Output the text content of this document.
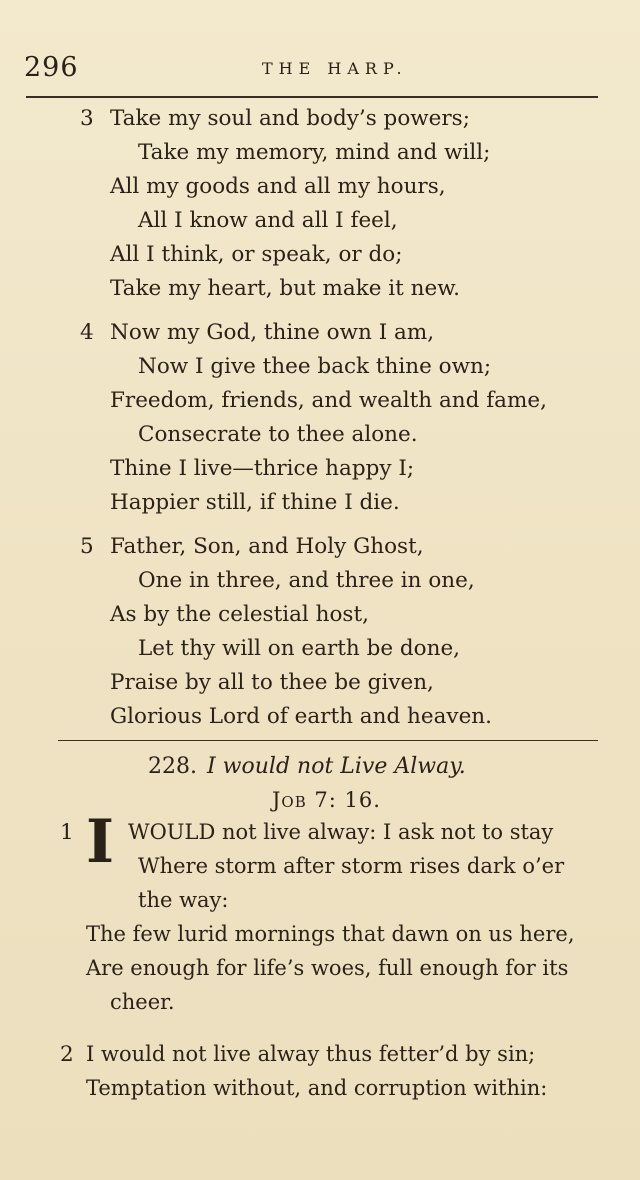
296	THE HARP.
3 Take my soul and body’s powers;
Take my memory, mind and will;
All my goods and all my hours,
All I know and all I feel,
All I think, or speak, or do;
Take my heart, but make it new.
4 Now my God, thine own I am,
Now I give thee back thine own;
Freedom, friends, and wealth and fame,
Consecrate to thee alone.
Thine I live—thrice happy I;
Happier still, if thine I die.
5 Father, Son, and Holy Ghost,
One in three, and three in one,
As by the celestial host,
Let thy will on earth be done,
Praise by all to thee be given,
Glorious Lord of earth and heaven.
228. I would not Live Alway.
Job 7: 16.
1 I WOULD not live alway: I ask not to stay
Where storm after storm rises dark o’er
the way:
The few lurid mornings that dawn on us here,
Are enough for life’s woes, full enough for its
cheer.
2 I would not live alway thus fetter’d by sin;
Temptation without, and corruption within:
